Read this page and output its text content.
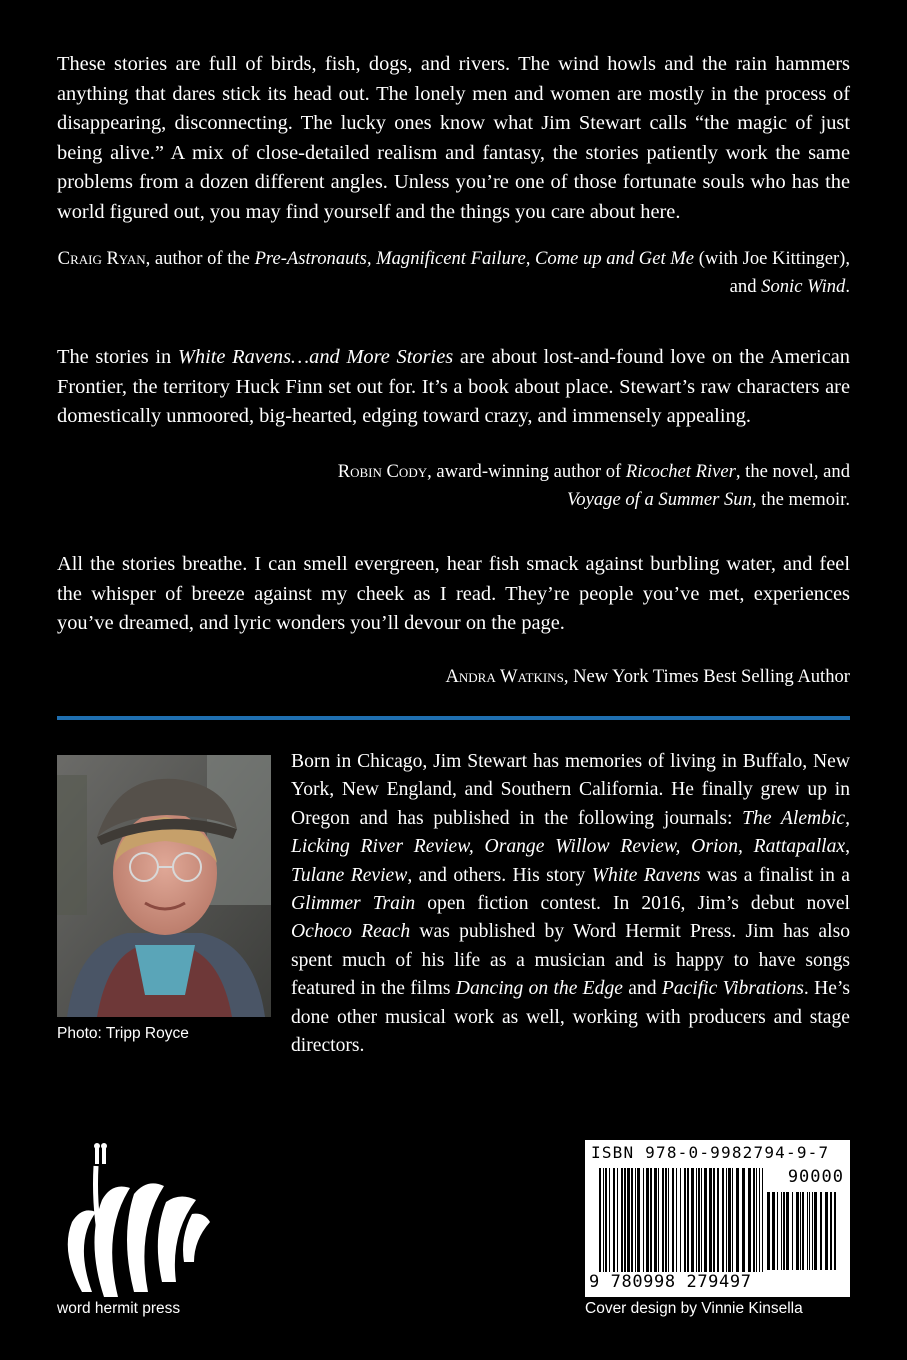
These stories are full of birds, fish, dogs, and rivers. The wind howls and the rain hammers anything that dares stick its head out. The lonely men and women are mostly in the process of disappearing, disconnecting. The lucky ones know what Jim Stewart calls “the magic of just being alive.” A mix of close-detailed realism and fantasy, the stories patiently work the same problems from a dozen different angles. Unless you’re one of those fortunate souls who has the world figured out, you may find yourself and the things you care about here.

Craig Ryan, author of the Pre-Astronauts, Magnificent Failure, Come up and Get Me (with Joe Kittinger), and Sonic Wind.

The stories in White Ravens…and More Stories are about lost-and-found love on the American Frontier, the territory Huck Finn set out for. It’s a book about place. Stewart’s raw characters are domestically unmoored, big-hearted, edging toward crazy, and immensely appealing.

Robin Cody, award-winning author of Ricochet River, the novel, and
Voyage of a Summer Sun, the memoir.

All the stories breathe. I can smell evergreen, hear fish smack against burbling water, and feel the whisper of breeze against my cheek as I read. They’re people you’ve met, experiences you’ve dreamed, and lyric wonders you’ll devour on the page.

Andra Watkins, New York Times Best Selling Author

Photo: Tripp Royce

Born in Chicago, Jim Stewart has memories of living in Buffalo, New York, New England, and Southern California. He finally grew up in Oregon and has published in the following journals: The Alembic, Licking River Review, Orange Willow Review, Orion, Rattapallax, Tulane Review, and others. His story White Ravens was a finalist in a Glimmer Train open fiction contest. In 2016, Jim’s debut novel Ochoco Reach was published by Word Hermit Press. Jim has also spent much of his life as a musician and is happy to have songs featured in the films Dancing on the Edge and Pacific Vibrations. He’s done other musical work as well, working with producers and stage directors.

word hermit press
ISBN 978-0-9982794-9-7
90000
9 780998 279497
Cover design by Vinnie Kinsella
